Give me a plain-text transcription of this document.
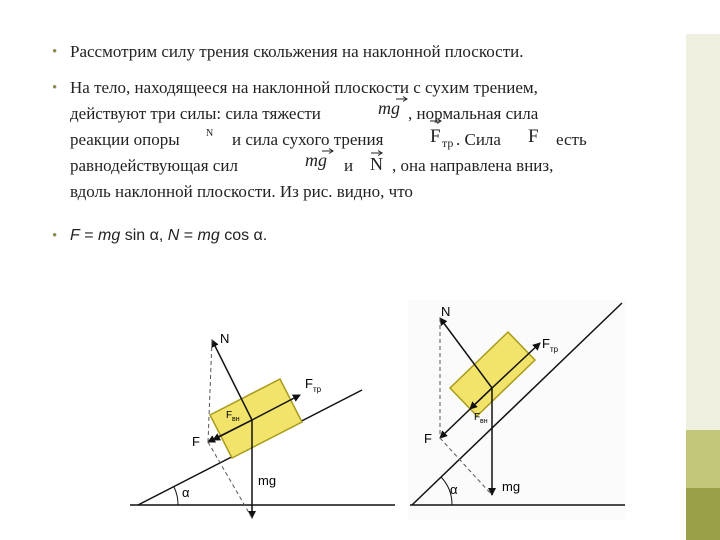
• Рассмотрим силу трения скольжения на наклонной плоскости.
• На тело, находящееся на наклонной плоскости с сухим трением,
действуют три силы: сила тяжести	mg , нормальная сила
реакции опоры	N и сила сухого трения F тр . Сила F есть
равнодействующая сил	mg и N , она направлена вниз,
вдоль наклонной плоскости. Из рис. видно, что
• F = mg sin α, N = mg cos α.
α
N
F тр
F вн
F
mg
α
N
F тр
F вн
F
mg
